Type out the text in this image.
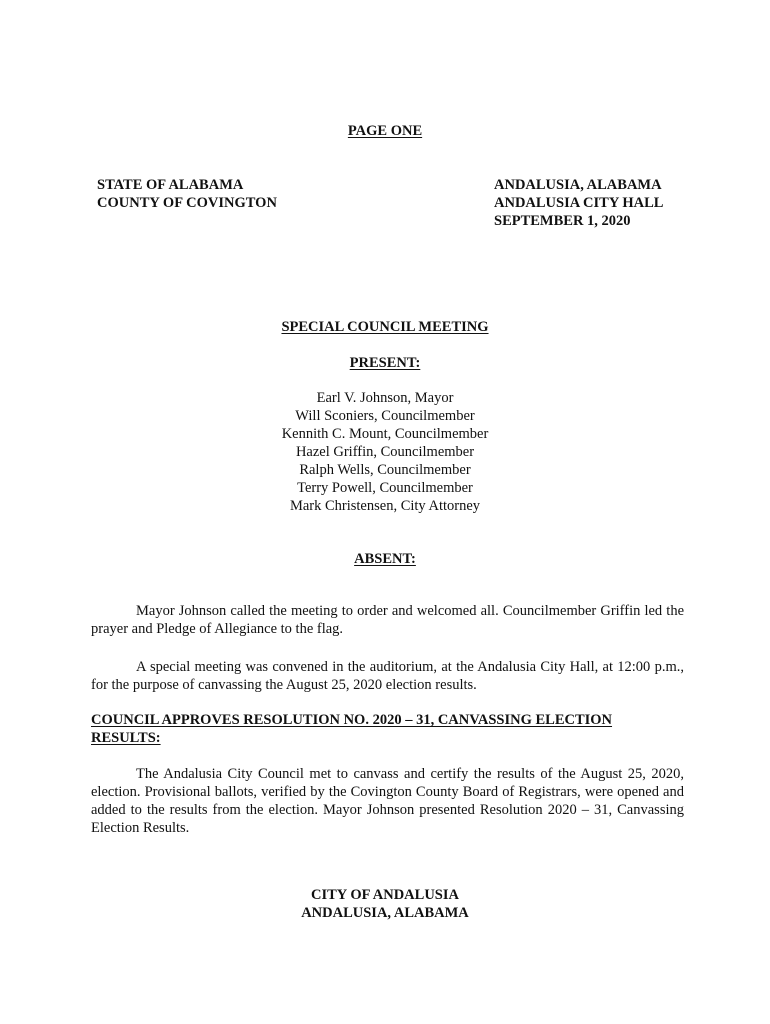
PAGE ONE
STATE OF ALABAMA
COUNTY OF COVINGTON
ANDALUSIA, ALABAMA
ANDALUSIA CITY HALL
SEPTEMBER 1, 2020
SPECIAL COUNCIL MEETING
PRESENT:
Earl V. Johnson, Mayor
Will Sconiers, Councilmember
Kennith C. Mount, Councilmember
Hazel Griffin, Councilmember
Ralph Wells, Councilmember
Terry Powell, Councilmember
Mark Christensen, City Attorney
ABSENT:
Mayor Johnson called the meeting to order and welcomed all. Councilmember Griffin led the prayer and Pledge of Allegiance to the flag.
A special meeting was convened in the auditorium, at the Andalusia City Hall, at 12:00 p.m., for the purpose of canvassing the August 25, 2020 election results.
COUNCIL APPROVES RESOLUTION NO. 2020 – 31, CANVASSING ELECTION RESULTS:
The Andalusia City Council met to canvass and certify the results of the August 25, 2020, election. Provisional ballots, verified by the Covington County Board of Registrars, were opened and added to the results from the election. Mayor Johnson presented Resolution 2020 – 31, Canvassing Election Results.
CITY OF ANDALUSIA
ANDALUSIA, ALABAMA
